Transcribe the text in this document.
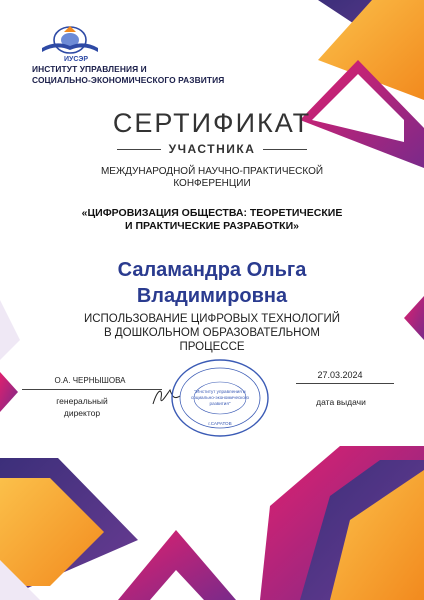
ИУСЭР
ИНСТИТУТ УПРАВЛЕНИЯ И
СОЦИАЛЬНО-ЭКОНОМИЧЕСКОГО РАЗВИТИЯ
СЕРТИФИКАТ
УЧАСТНИКА
МЕЖДУНАРОДНОЙ НАУЧНО-ПРАКТИЧЕСКОЙ
КОНФЕРЕНЦИИ
«ЦИФРОВИЗАЦИЯ ОБЩЕСТВА: ТЕОРЕТИЧЕСКИЕ
И ПРАКТИЧЕСКИЕ РАЗРАБОТКИ»
Саламандра Ольга
Владимировна
ИСПОЛЬЗОВАНИЕ ЦИФРОВЫХ ТЕХНОЛОГИЙ
В ДОШКОЛЬНОМ ОБРАЗОВАТЕЛЬНОМ
ПРОЦЕССЕ
О.А. ЧЕРНЫШОВА
генеральный
директор
"Институт управления и
социально-экономического
развития"
г.САРАТОВ
27.03.2024
дата выдачи
